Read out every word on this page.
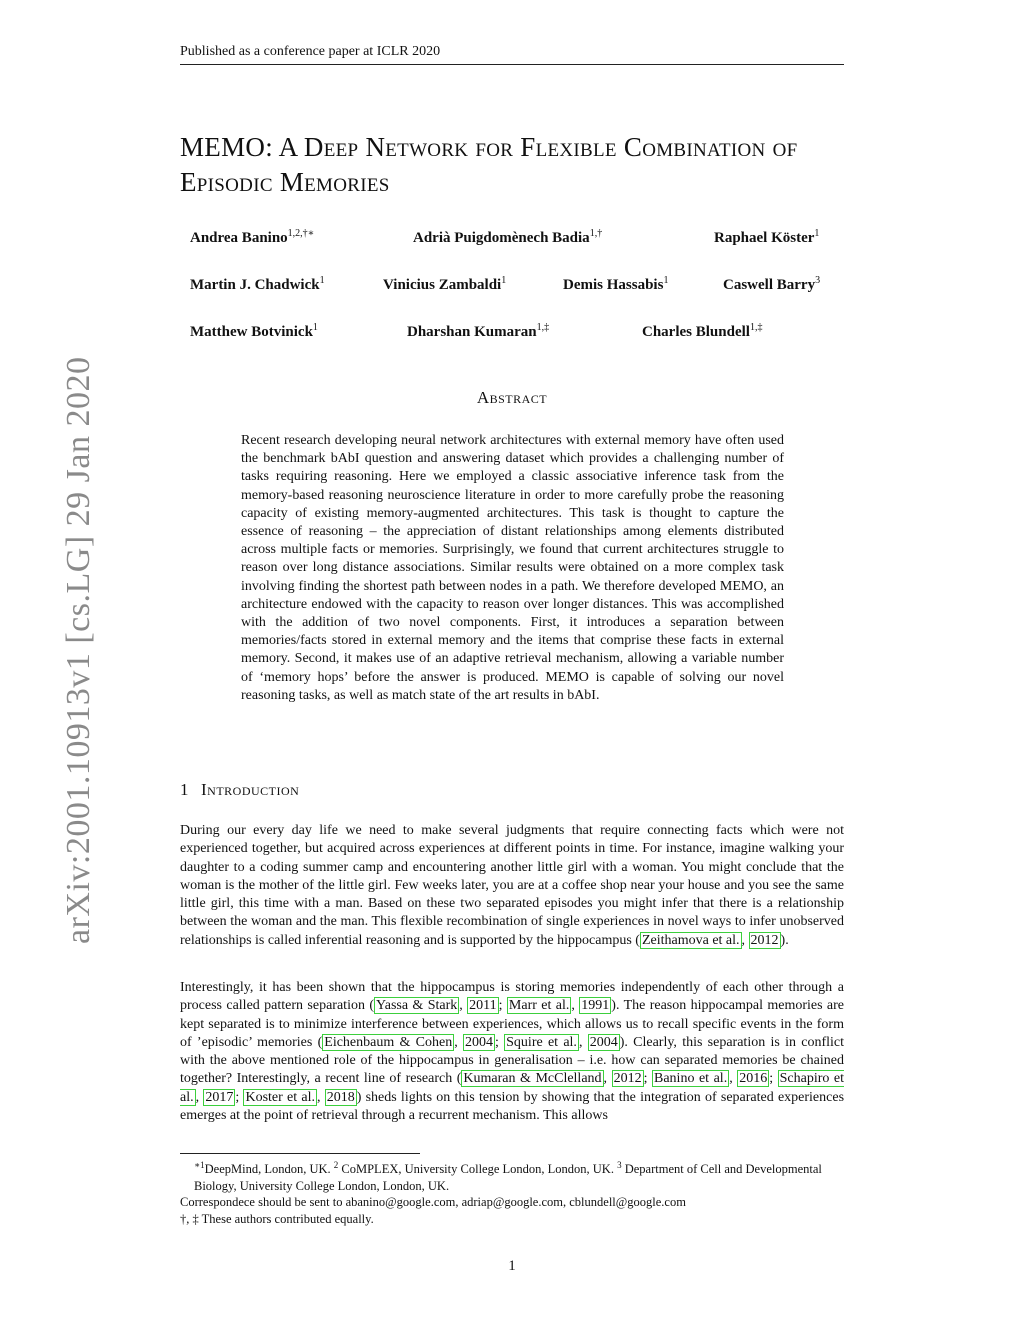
Published as a conference paper at ICLR 2020
arXiv:2001.10913v1 [cs.LG] 29 Jan 2020
MEMO: A Deep Network for Flexible Combination of Episodic Memories
Andrea Banino$^{1,2,\dagger∗}$	Adrià Puigdomènech Badia$^{1,\dagger}$	Raphael Köster$^1$
Martin J. Chadwick$^1$	Vinicius Zambaldi$^1$	Demis Hassabis$^1$	Caswell Barry$^3$
Matthew Botvinick$^1$	Dharshan Kumaran$^{1,\ddagger}$	Charles Blundell$^{1,\ddagger}$
Abstract

Recent research developing neural network architectures with external memory have often used the benchmark bAbI question and answering dataset which provides a challenging number of tasks requiring reasoning. Here we employed a classic associative inference task from the memory-based reasoning neuroscience literature in order to more carefully probe the reasoning capacity of existing memory-augmented architectures. This task is thought to capture the essence of reasoning – the appreciation of distant relationships among elements distributed across multiple facts or memories. Surprisingly, we found that current architectures struggle to reason over long distance associations. Similar results were obtained on a more complex task involving finding the shortest path between nodes in a path. We therefore developed MEMO, an architecture endowed with the capacity to reason over longer distances. This was accomplished with the addition of two novel components. First, it introduces a separation between memories/facts stored in external memory and the items that comprise these facts in external memory. Second, it makes use of an adaptive retrieval mechanism, allowing a variable number of ‘memory hops’ before the answer is produced. MEMO is capable of solving our novel reasoning tasks, as well as match state of the art results in bAbI.

1 Introduction

During our every day life we need to make several judgments that require connecting facts which were not experienced together, but acquired across experiences at different points in time. For instance, imagine walking your daughter to a coding summer camp and encountering another little girl with a woman. You might conclude that the woman is the mother of the little girl. Few weeks later, you are at a coffee shop near your house and you see the same little girl, this time with a man. Based on these two separated episodes you might infer that there is a relationship between the woman and the man. This flexible recombination of single experiences in novel ways to infer unobserved relationships is called inferential reasoning and is supported by the hippocampus ( Zeithamova et al. , 2012 ).

Interestingly, it has been shown that the hippocampus is storing memories independently of each other through a process called pattern separation ( Yassa & Stark , 2011 ; Marr et al. , 1991 ). The reason hippocampal memories are kept separated is to minimize interference between experiences, which allows us to recall specific events in the form of ’episodic’ memories ( Eichenbaum & Cohen , 2004 ; Squire et al. , 2004 ). Clearly, this separation is in conflict with the above mentioned role of the hippocampus in generalisation – i.e. how can separated memories be chained together? Interestingly, a recent line of research ( Kumaran & McClelland , 2012 ; Banino et al. , 2016 ; Schapiro et al. , 2017 ; Koster et al. , 2018 ) sheds lights on this tension by showing that the integration of separated experiences emerges at the point of retrieval through a recurrent mechanism. This allows

$^{∗1}$DeepMind, London, UK. $^2$ CoMPLEX, University College London, London, UK. $^3$ Department of Cell and Developmental Biology, University College London, London, UK.

Correspondece should be sent to abanino@google.com, adriap@google.com, cblundell@google.com

†, ‡ These authors contributed equally.

1
